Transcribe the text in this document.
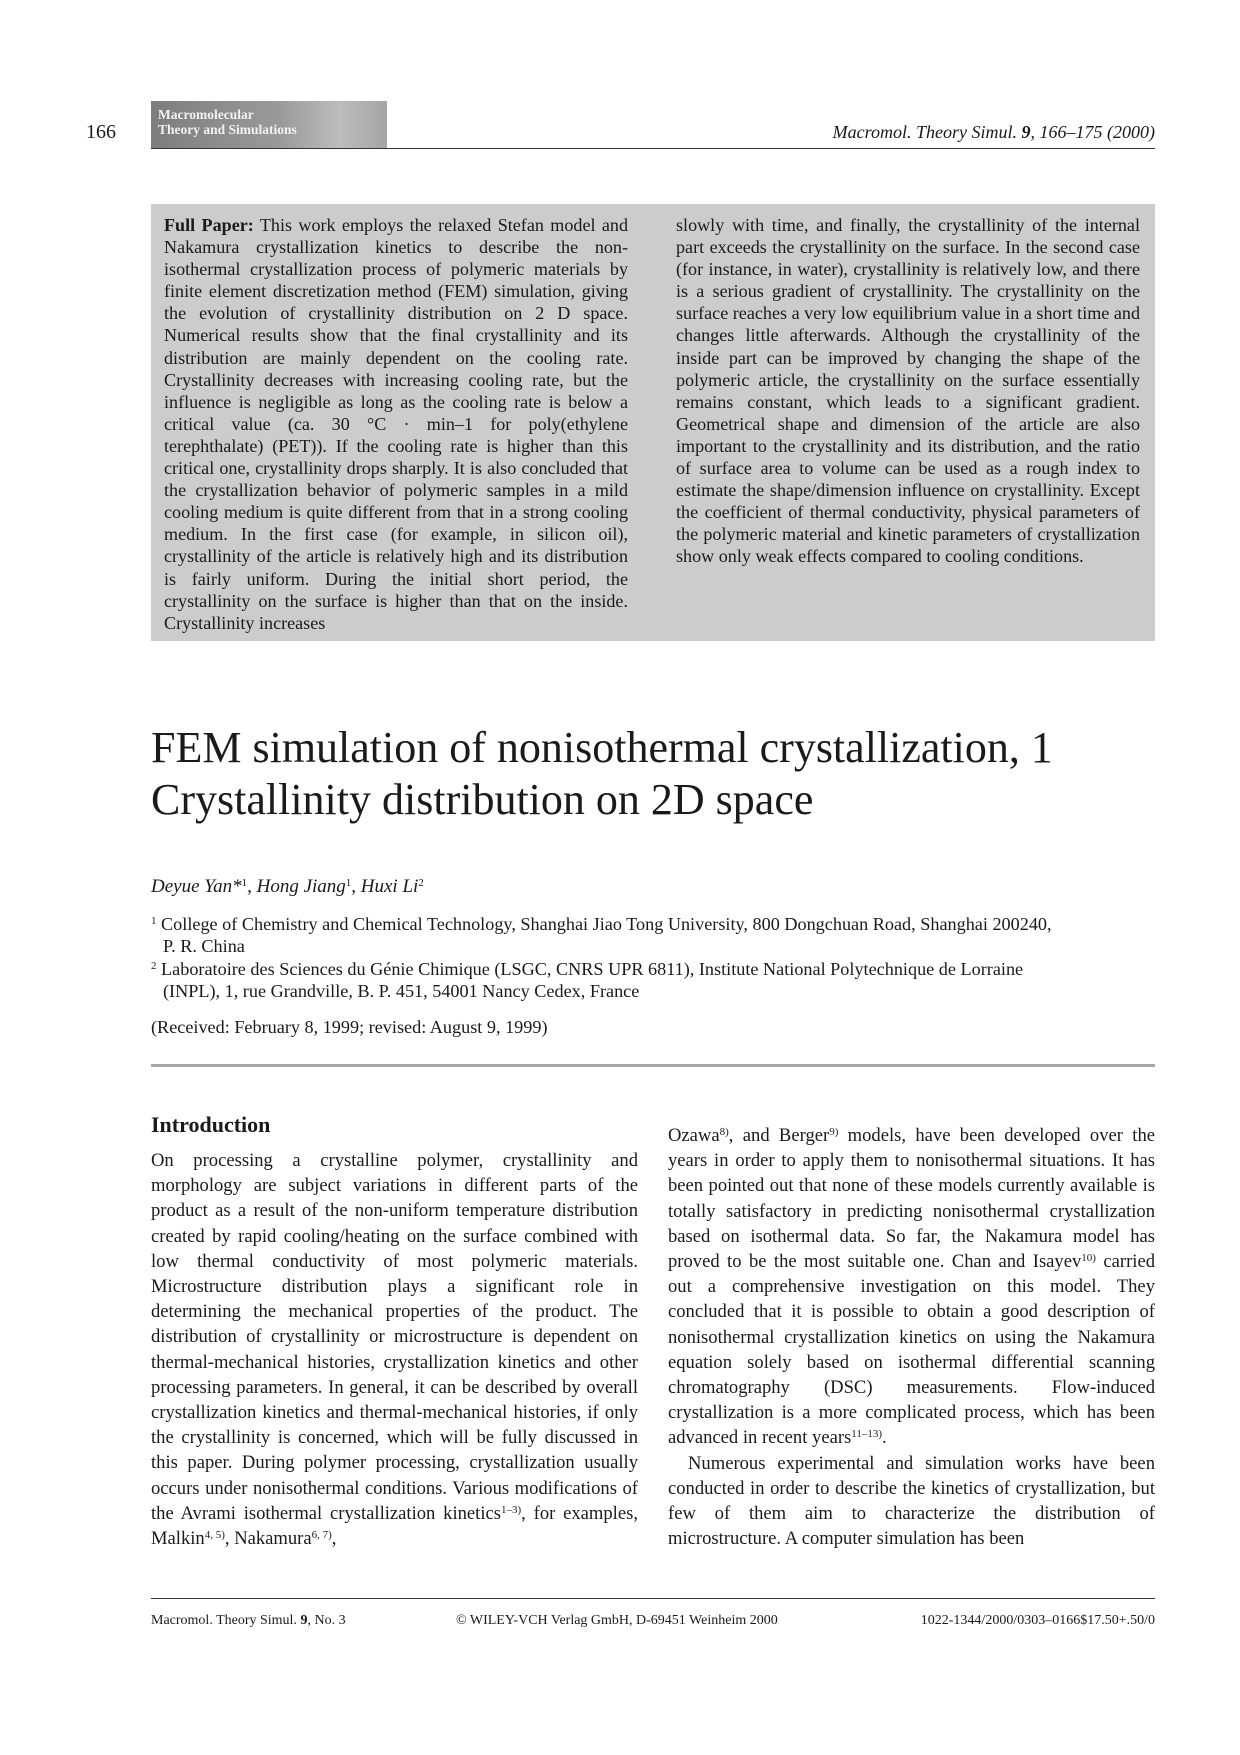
166
Macromolecular
Theory and Simulations	Macromol. Theory Simul. 9, 166–175 (2000)
Full Paper: This work employs the relaxed Stefan model and Nakamura crystallization kinetics to describe the non-isothermal crystallization process of polymeric materials by finite element discretization method (FEM) simulation, giving the evolution of crystallinity distribution on 2 D space. Numerical results show that the final crystallinity and its distribution are mainly dependent on the cooling rate. Crystallinity decreases with increasing cooling rate, but the influence is negligible as long as the cooling rate is below a critical value (ca. 30 °C · min–1 for poly(ethylene terephthalate) (PET)). If the cooling rate is higher than this critical one, crystallinity drops sharply. It is also concluded that the crystallization behavior of polymeric samples in a mild cooling medium is quite different from that in a strong cooling medium. In the first case (for example, in silicon oil), crystallinity of the article is relatively high and its distribution is fairly uniform. During the initial short period, the crystallinity on the surface is higher than that on the inside. Crystallinity increases
slowly with time, and finally, the crystallinity of the internal part exceeds the crystallinity on the surface. In the second case (for instance, in water), crystallinity is relatively low, and there is a serious gradient of crystallinity. The crystallinity on the surface reaches a very low equilibrium value in a short time and changes little afterwards. Although the crystallinity of the inside part can be improved by changing the shape of the polymeric article, the crystallinity on the surface essentially remains constant, which leads to a significant gradient. Geometrical shape and dimension of the article are also important to the crystallinity and its distribution, and the ratio of surface area to volume can be used as a rough index to estimate the shape/dimension influence on crystallinity. Except the coefficient of thermal conductivity, physical parameters of the polymeric material and kinetic parameters of crystallization show only weak effects compared to cooling conditions.
FEM simulation of nonisothermal crystallization, 1
Crystallinity distribution on 2D space
Deyue Yan*$^1$, Hong Jiang$^1$, Huxi Li$^2$
$^1$ College of Chemistry and Chemical Technology, Shanghai Jiao Tong University, 800 Dongchuan Road, Shanghai 200240,
P. R. China
$^2$ Laboratoire des Sciences du Génie Chimique (LSGC, CNRS UPR 6811), Institute National Polytechnique de Lorraine
(INPL), 1, rue Grandville, B. P. 451, 54001 Nancy Cedex, France
(Received: February 8, 1999; revised: August 9, 1999)
Introduction

On processing a crystalline polymer, crystallinity and morphology are subject variations in different parts of the product as a result of the non-uniform temperature distribution created by rapid cooling/heating on the surface combined with low thermal conductivity of most polymeric materials. Microstructure distribution plays a significant role in determining the mechanical properties of the product. The distribution of crystallinity or microstructure is dependent on thermal-mechanical histories, crystallization kinetics and other processing parameters. In general, it can be described by overall crystallization kinetics and thermal-mechanical histories, if only the crystallinity is concerned, which will be fully discussed in this paper. During polymer processing, crystallization usually occurs under nonisothermal conditions. Various modifications of the Avrami isothermal crystallization kinetics$^{1-3)}$, for examples, Malkin$^{4, 5)}$, Nakamura$^{6, 7)}$,

Ozawa$^{8)}$, and Berger$^{9)}$ models, have been developed over the years in order to apply them to nonisothermal situations. It has been pointed out that none of these models currently available is totally satisfactory in predicting nonisothermal crystallization based on isothermal data. So far, the Nakamura model has proved to be the most suitable one. Chan and Isayev$^{10)}$ carried out a comprehensive investigation on this model. They concluded that it is possible to obtain a good description of nonisothermal crystallization kinetics on using the Nakamura equation solely based on isothermal differential scanning chromatography (DSC) measurements. Flow-induced crystallization is a more complicated process, which has been advanced in recent years$^{11-13)}$.

Numerous experimental and simulation works have been conducted in order to describe the kinetics of crystallization, but few of them aim to characterize the distribution of microstructure. A computer simulation has been

Macromol. Theory Simul. 9, No. 3	© WILEY-VCH Verlag GmbH, D-69451 Weinheim 2000	1022-1344/2000/0303–0166$17.50+.50/0
